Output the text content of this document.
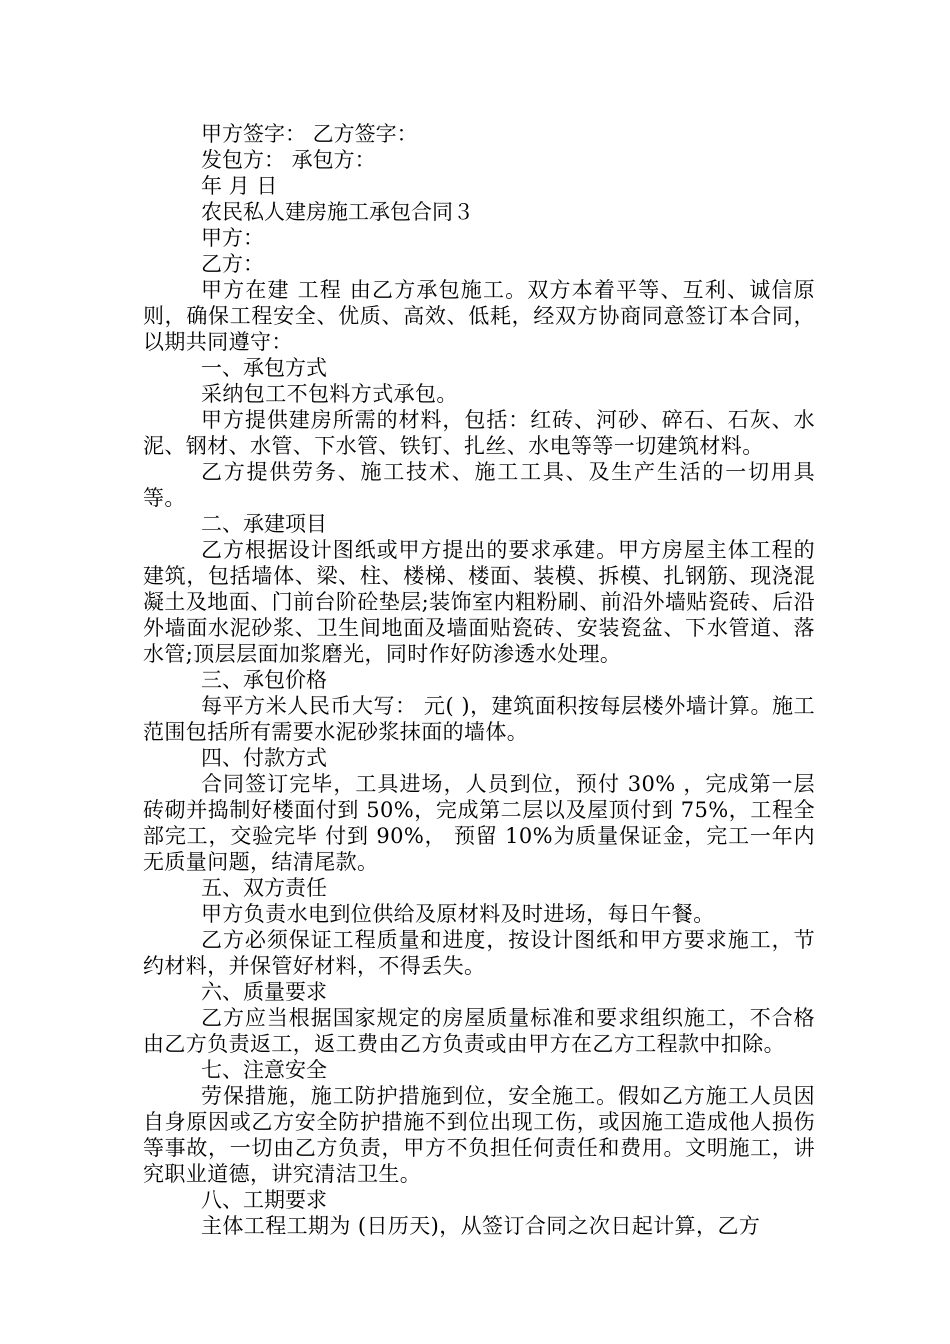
甲方签字： 乙方签字：
发包方： 承包方：
年 月 日
农民私人建房施工承包合同３
甲方：
乙方：

甲方在建 工程 由乙方承包施工。双方本着平等、互利、诚信原则，确保工程安全、优质、高效、低耗，经双方协商同意签订本合同，以期共同遵守：

一、承包方式

采纳包工不包料方式承包。

甲方提供建房所需的材料，包括：红砖、河砂、碎石、石灰、水泥、钢材、水管、下水管、铁钉、扎丝、水电等等一切建筑材料。

乙方提供劳务、施工技术、施工工具、及生产生活的一切用具等。

二、承建项目

乙方根据设计图纸或甲方提出的要求承建。甲方房屋主体工程的建筑，包括墙体、梁、柱、楼梯、楼面、装模、拆模、扎钢筋、现浇混凝土及地面、门前台阶砼垫层;装饰室内粗粉刷、前沿外墙贴瓷砖、后沿外墙面水泥砂浆、卫生间地面及墙面贴瓷砖、安装瓷盆、下水管道、落水管;顶层层面加浆磨光，同时作好防渗透水处理。

三、承包价格

每平方米人民币大写： 元( )，建筑面积按每层楼外墙计算。施工范围包括所有需要水泥砂浆抹面的墙体。

四、付款方式

合同签订完毕，工具进场，人员到位，预付 30% ，完成第一层砖砌并捣制好楼面付到 50%，完成第二层以及屋顶付到 75%，工程全部完工，交验完毕 付到 90%， 预留 10%为质量保证金，完工一年内无质量问题，结清尾款。

五、双方责任

甲方负责水电到位供给及原材料及时进场，每日午餐。

乙方必须保证工程质量和进度，按设计图纸和甲方要求施工，节约材料，并保管好材料，不得丢失。

六、质量要求

乙方应当根据国家规定的房屋质量标准和要求组织施工，不合格由乙方负责返工，返工费由乙方负责或由甲方在乙方工程款中扣除。

七、注意安全

劳保措施，施工防护措施到位，安全施工。假如乙方施工人员因自身原因或乙方安全防护措施不到位出现工伤，或因施工造成他人损伤等事故，一切由乙方负责，甲方不负担任何责任和费用。文明施工，讲究职业道德，讲究清洁卫生。

八、工期要求

主体工程工期为 (日历天)，从签订合同之次日起计算，乙方
